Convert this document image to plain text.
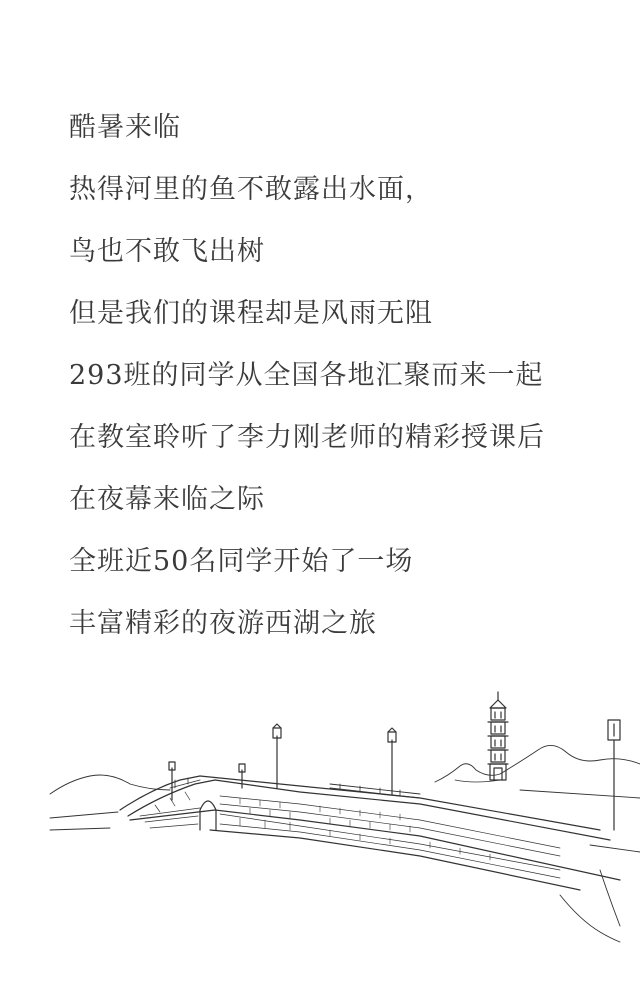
酷暑来临
热得河里的鱼不敢露出水面，
鸟也不敢飞出树
但是我们的课程却是风雨无阻
293班的同学从全国各地汇聚而来一起
在教室聆听了李力刚老师的精彩授课后
在夜幕来临之际
全班近50名同学开始了一场
丰富精彩的夜游西湖之旅
